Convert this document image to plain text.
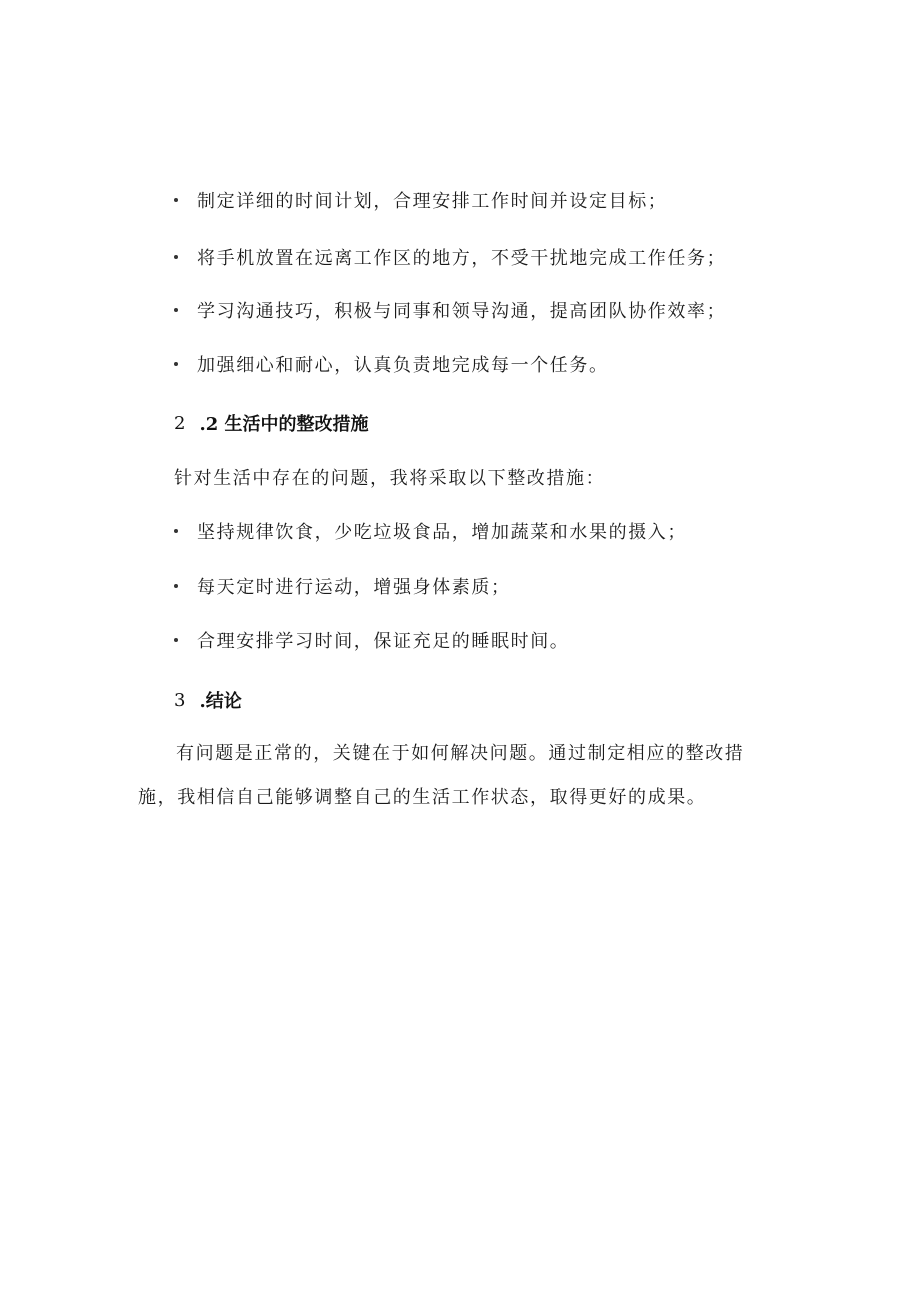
制定详细的时间计划，合理安排工作时间并设定目标；
将手机放置在远离工作区的地方，不受干扰地完成工作任务；
学习沟通技巧，积极与同事和领导沟通，提高团队协作效率；
加强细心和耐心，认真负责地完成每一个任务。
2 .2 生活中的整改措施
针对生活中存在的问题，我将采取以下整改措施：
坚持规律饮食，少吃垃圾食品，增加蔬菜和水果的摄入；
每天定时进行运动，增强身体素质；
合理安排学习时间，保证充足的睡眠时间。
3 .结论
有问题是正常的，关键在于如何解决问题。通过制定相应的整改措
施，我相信自己能够调整自己的生活工作状态，取得更好的成果。
